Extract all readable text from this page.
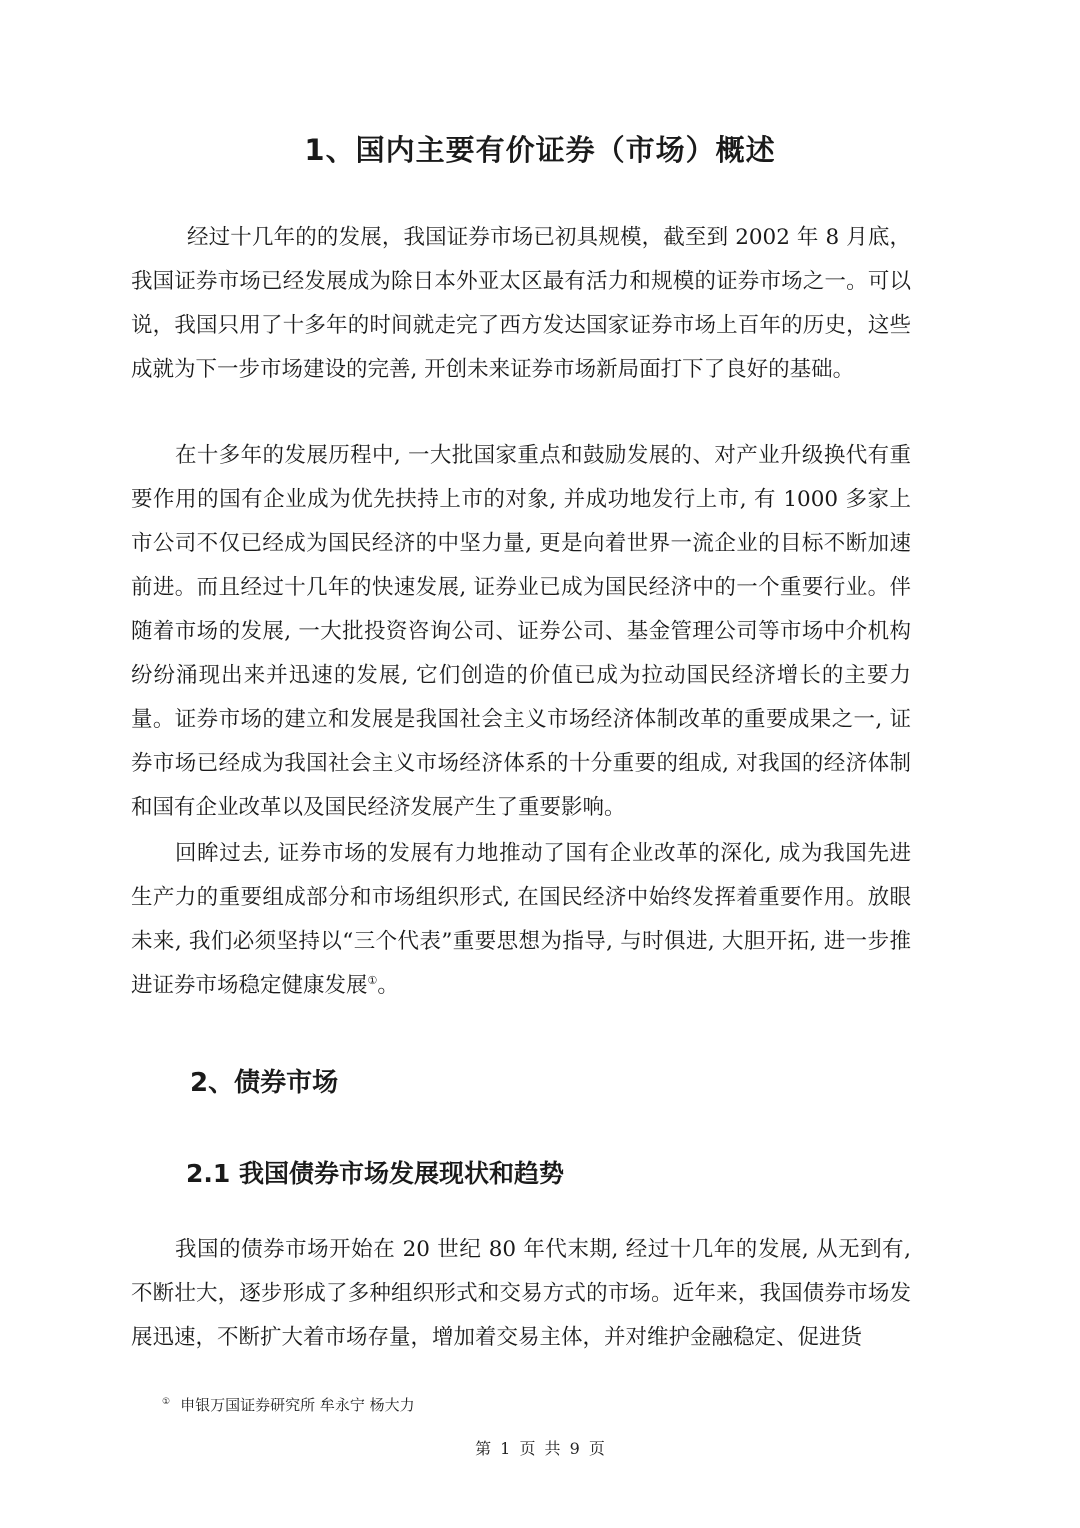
1、国内主要有价证券（市场）概述

经过十几年的的发展，我国证券市场已初具规模，截至到 2002 年 8 月底，我国证券市场已经发展成为除日本外亚太区最有活力和规模的证券市场之一。可以说，我国只用了十多年的时间就走完了西方发达国家证券市场上百年的历史，这些成就为下一步市场建设的完善, 开创未来证券市场新局面打下了良好的基础。

在十多年的发展历程中, 一大批国家重点和鼓励发展的、对产业升级换代有重要作用的国有企业成为优先扶持上市的对象, 并成功地发行上市, 有 1000 多家上市公司不仅已经成为国民经济的中坚力量, 更是向着世界一流企业的目标不断加速前进。而且经过十几年的快速发展, 证券业已成为国民经济中的一个重要行业。伴随着市场的发展, 一大批投资咨询公司、证券公司、基金管理公司等市场中介机构纷纷涌现出来并迅速的发展, 它们创造的价值已成为拉动国民经济增长的主要力量。证券市场的建立和发展是我国社会主义市场经济体制改革的重要成果之一, 证券市场已经成为我国社会主义市场经济体系的十分重要的组成, 对我国的经济体制和国有企业改革以及国民经济发展产生了重要影响。

回眸过去, 证券市场的发展有力地推动了国有企业改革的深化, 成为我国先进生产力的重要组成部分和市场组织形式, 在国民经济中始终发挥着重要作用。放眼未来, 我们必须坚持以“三个代表”重要思想为指导, 与时俱进, 大胆开拓, 进一步推进证券市场稳定健康发展①。

2、债券市场
2.1 我国债券市场发展现状和趋势

我国的债券市场开始在 20 世纪 80 年代末期, 经过十几年的发展, 从无到有, 不断壮大，逐步形成了多种组织形式和交易方式的市场。近年来，我国债券市场发展迅速，不断扩大着市场存量，增加着交易主体，并对维护金融稳定、促进货

① 申银万国证券研究所 牟永宁 杨大力
第 1 页 共 9 页
